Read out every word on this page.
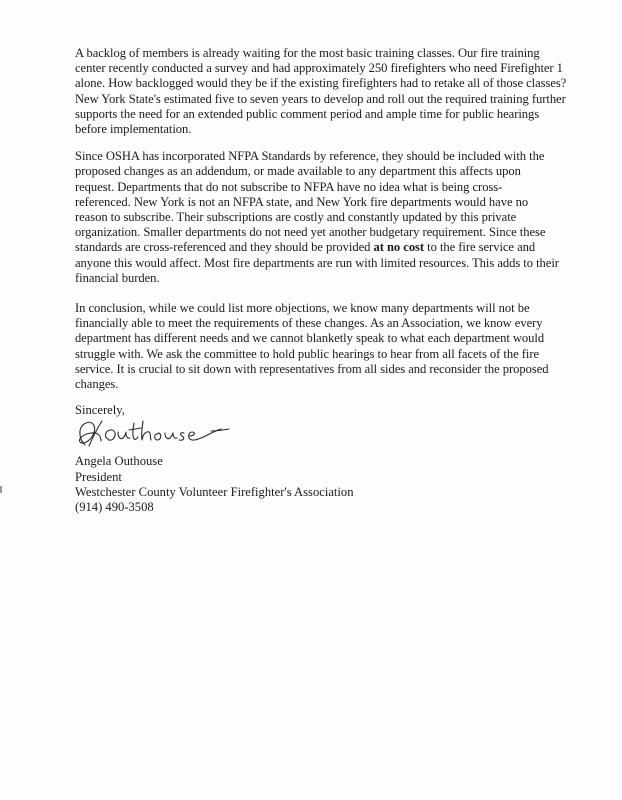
A backlog of members is already waiting for the most basic training classes. Our fire training
center recently conducted a survey and had approximately 250 firefighters who need Firefighter 1
alone. How backlogged would they be if the existing firefighters had to retake all of those classes?
New York State's estimated five to seven years to develop and roll out the required training further
supports the need for an extended public comment period and ample time for public hearings
before implementation.

Since OSHA has incorporated NFPA Standards by reference, they should be included with the
proposed changes as an addendum, or made available to any department this affects upon
request. Departments that do not subscribe to NFPA have no idea what is being cross-
referenced. New York is not an NFPA state, and New York fire departments would have no
reason to subscribe. Their subscriptions are costly and constantly updated by this private
organization. Smaller departments do not need yet another budgetary requirement. Since these
standards are cross-referenced and they should be provided at no cost to the fire service and
anyone this would affect. Most fire departments are run with limited resources. This adds to their
financial burden.

In conclusion, while we could list more objections, we know many departments will not be
financially able to meet the requirements of these changes. As an Association, we know every
department has different needs and we cannot blanketly speak to what each department would
struggle with. We ask the committee to hold public hearings to hear from all facets of the fire
service. It is crucial to sit down with representatives from all sides and reconsider the proposed
changes.

Sincerely,

Angela Outhouse
President
Westchester County Volunteer Firefighter's Association
(914) 490-3508
